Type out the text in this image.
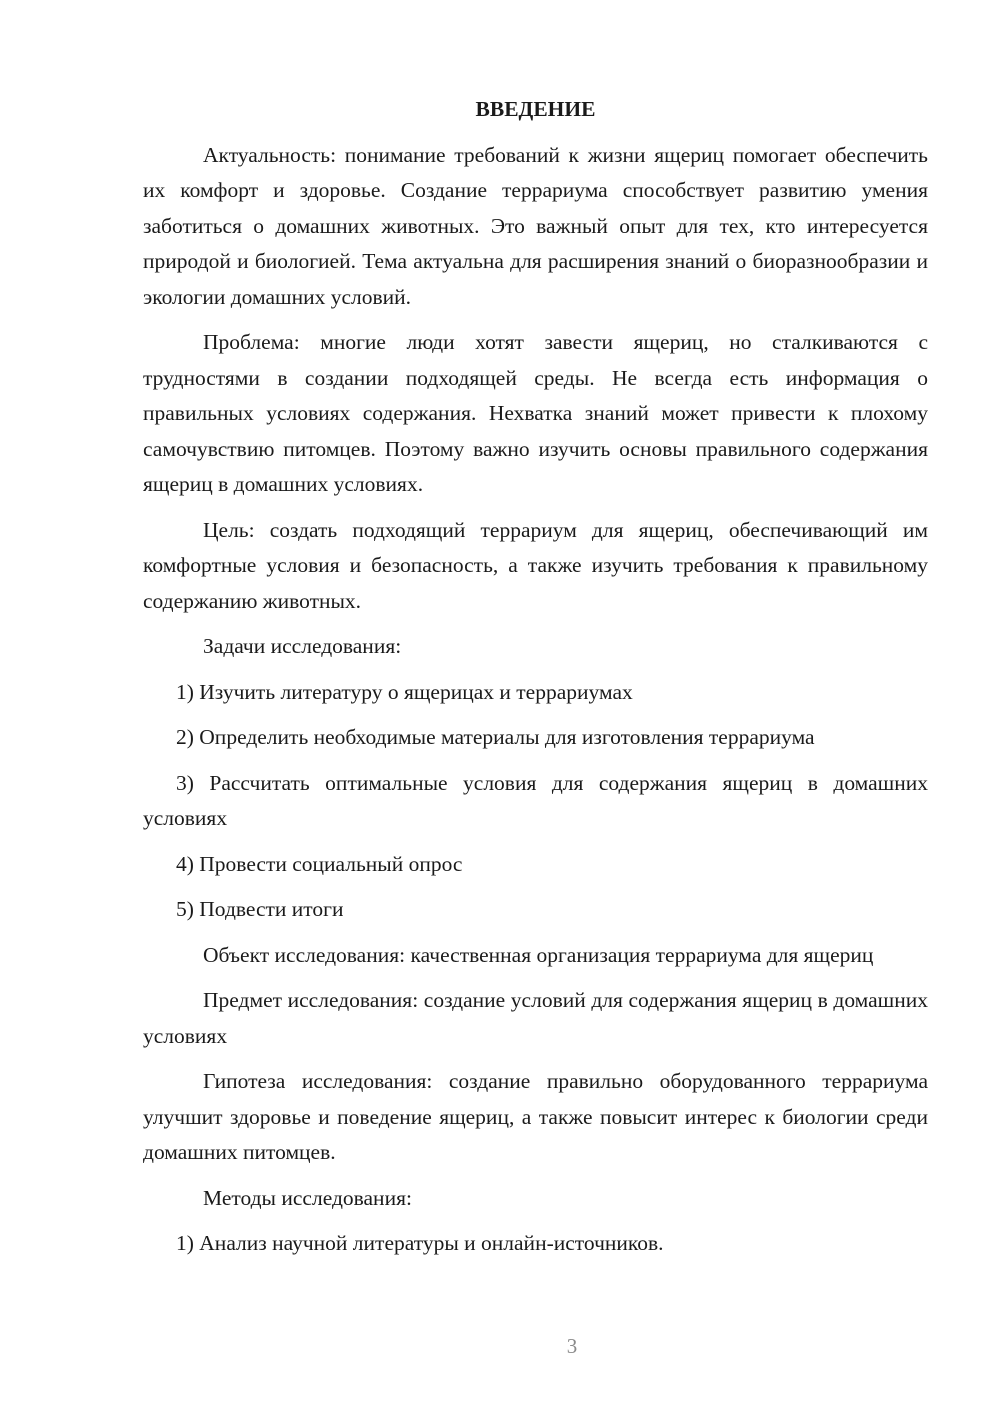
ВВЕДЕНИЕ
Актуальность: понимание требований к жизни ящериц помогает обеспечить их комфорт и здоровье. Создание террариума способствует развитию умения заботиться о домашних животных. Это важный опыт для тех, кто интересуется природой и биологией. Тема актуальна для расширения знаний о биоразнообразии и экологии домашних условий.
Проблема: многие люди хотят завести ящериц, но сталкиваются с трудностями в создании подходящей среды. Не всегда есть информация о правильных условиях содержания. Нехватка знаний может привести к плохому самочувствию питомцев. Поэтому важно изучить основы правильного содержания ящериц в домашних условиях.
Цель: создать подходящий террариум для ящериц, обеспечивающий им комфортные условия и безопасность, а также изучить требования к правильному содержанию животных.
Задачи исследования:
1) Изучить литературу о ящерицах и террариумах
2) Определить необходимые материалы для изготовления террариума
3) Рассчитать оптимальные условия для содержания ящериц в домашних условиях
4) Провести социальный опрос
5) Подвести итоги
Объект исследования: качественная организация террариума для ящериц
Предмет исследования: создание условий для содержания ящериц в домашних условиях
Гипотеза исследования: создание правильно оборудованного террариума улучшит здоровье и поведение ящериц, а также повысит интерес к биологии среди домашних питомцев.
Методы исследования:
1) Анализ научной литературы и онлайн-источников.
3
